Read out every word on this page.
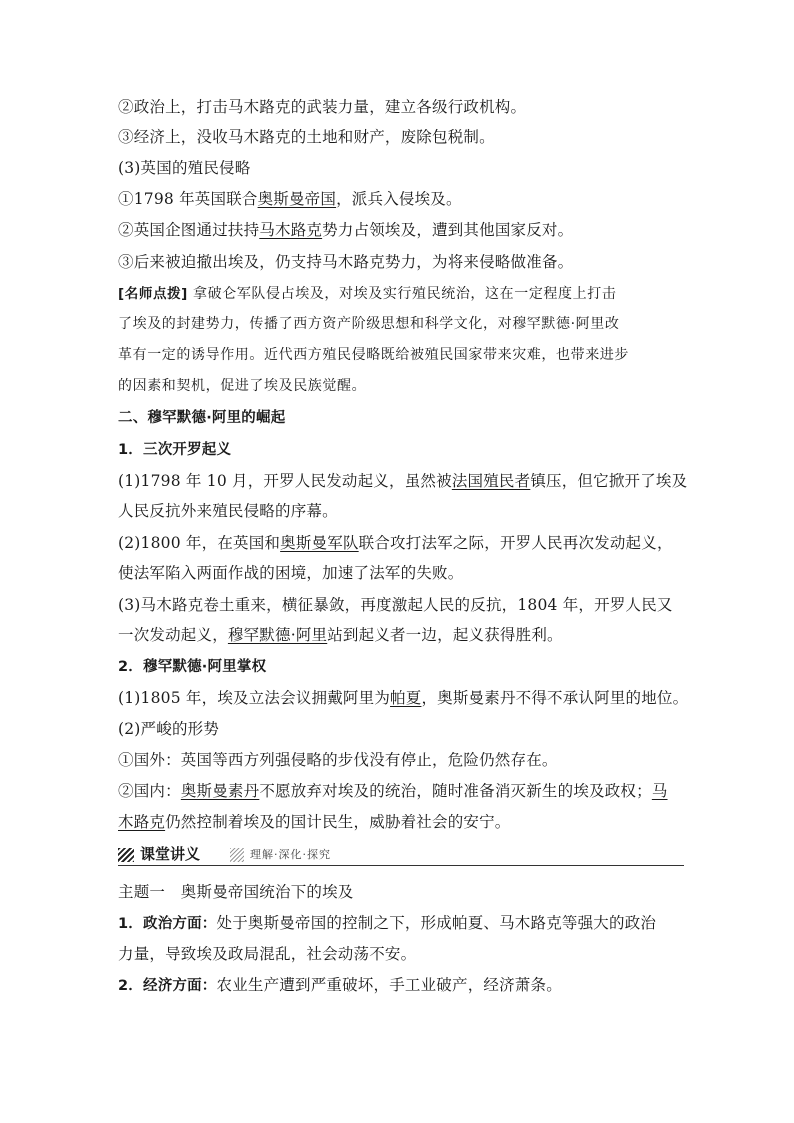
②政治上，打击马木路克的武装力量，建立各级行政机构。
③经济上，没收马木路克的土地和财产，废除包税制。
(3)英国的殖民侵略
①1798 年英国联合奥斯曼帝国，派兵入侵埃及。
②英国企图通过扶持马木路克势力占领埃及，遭到其他国家反对。
③后来被迫撤出埃及，仍支持马木路克势力，为将来侵略做准备。
[名师点拨] 拿破仑军队侵占埃及，对埃及实行殖民统治，这在一定程度上打击
了埃及的封建势力，传播了西方资产阶级思想和科学文化，对穆罕默德·阿里改
革有一定的诱导作用。近代西方殖民侵略既给被殖民国家带来灾难，也带来进步
的因素和契机，促进了埃及民族觉醒。
二、穆罕默德·阿里的崛起
1．三次开罗起义
(1)1798 年 10 月，开罗人民发动起义，虽然被法国殖民者镇压，但它掀开了埃及
人民反抗外来殖民侵略的序幕。
(2)1800 年，在英国和奥斯曼军队联合攻打法军之际，开罗人民再次发动起义，
使法军陷入两面作战的困境，加速了法军的失败。
(3)马木路克卷土重来，横征暴敛，再度激起人民的反抗，1804 年，开罗人民又
一次发动起义，穆罕默德·阿里站到起义者一边，起义获得胜利。
2．穆罕默德·阿里掌权
(1)1805 年，埃及立法会议拥戴阿里为帕夏，奥斯曼素丹不得不承认阿里的地位。
(2)严峻的形势
①国外：英国等西方列强侵略的步伐没有停止，危险仍然存在。
②国内：奥斯曼素丹不愿放弃对埃及的统治，随时准备消灭新生的埃及政权；马
木路克仍然控制着埃及的国计民生，威胁着社会的安宁。
课堂讲义	理解·深化·探究
主题一　奥斯曼帝国统治下的埃及
1．政治方面：处于奥斯曼帝国的控制之下，形成帕夏、马木路克等强大的政治
力量，导致埃及政局混乱，社会动荡不安。
2．经济方面：农业生产遭到严重破坏，手工业破产，经济萧条。
